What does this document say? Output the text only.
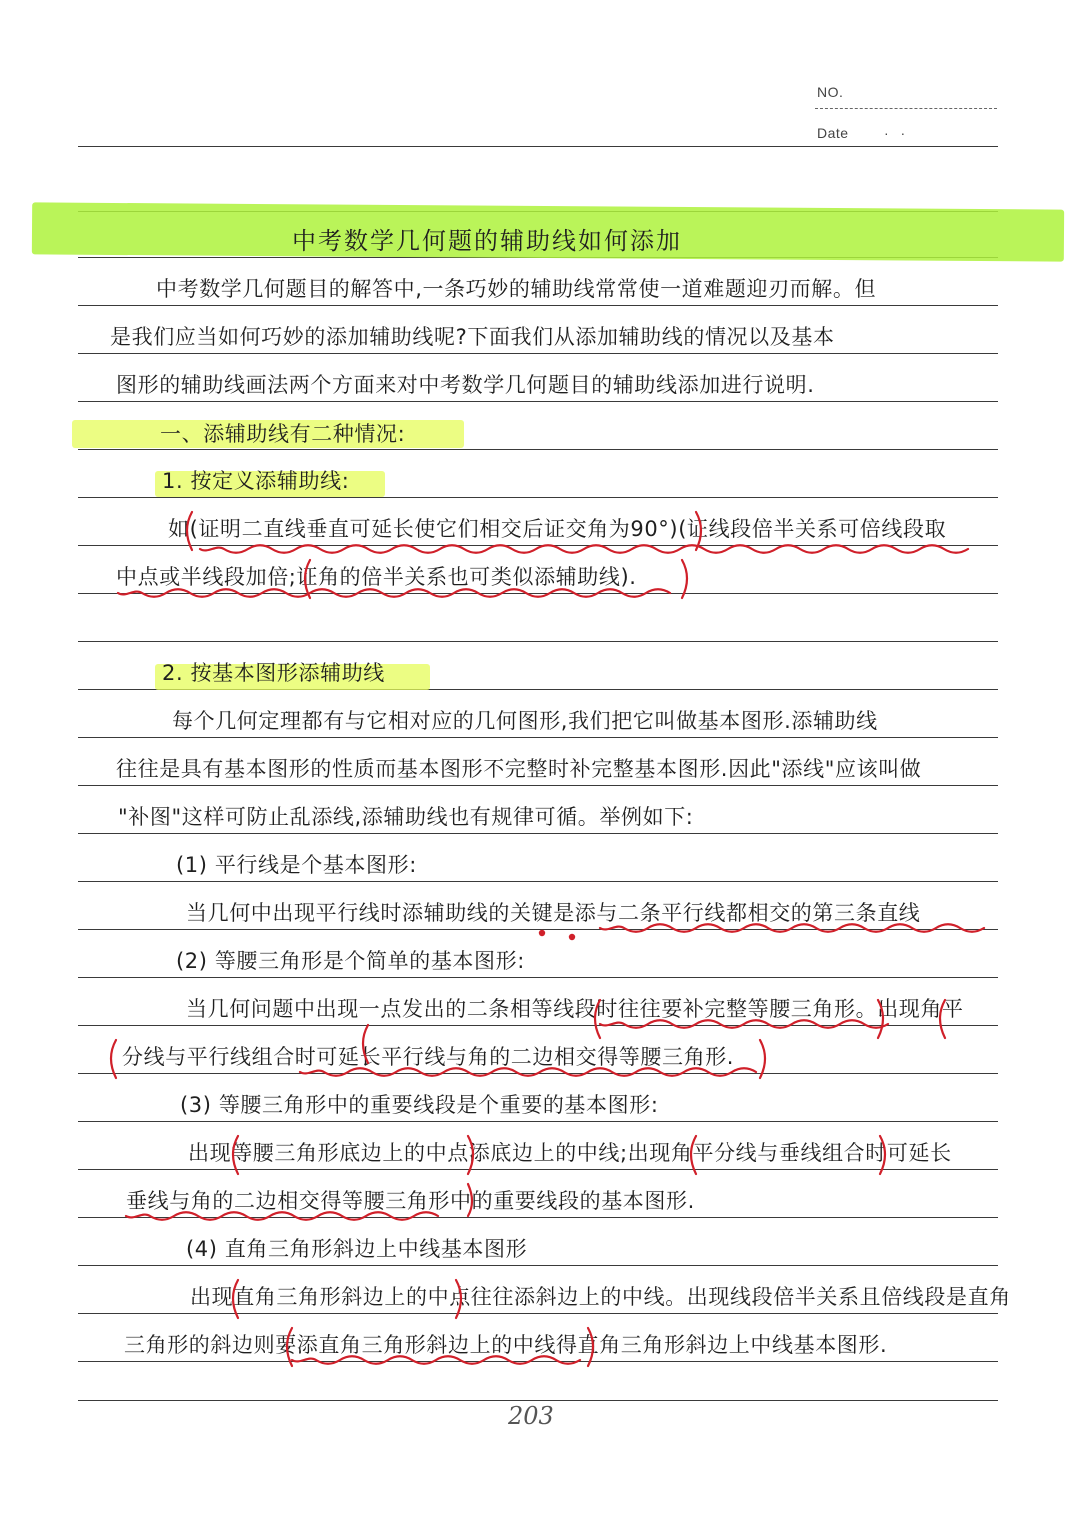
NO.
Date	· ·
中考数学几何题的辅助线如何添加
中考数学几何题目的解答中,一条巧妙的辅助线常常使一道难题迎刃而解。但
是我们应当如何巧妙的添加辅助线呢?下面我们从添加辅助线的情况以及基本
图形的辅助线画法两个方面来对中考数学几何题目的辅助线添加进行说明.
一、添辅助线有二种情况:
1. 按定义添辅助线:
如(证明二直线垂直可延长使它们相交后证交角为90°)(证线段倍半关系可倍线段取
中点或半线段加倍;证角的倍半关系也可类似添辅助线).
2. 按基本图形添辅助线
每个几何定理都有与它相对应的几何图形,我们把它叫做基本图形.添辅助线
往往是具有基本图形的性质而基本图形不完整时补完整基本图形.因此"添线"应该叫做
"补图"这样可防止乱添线,添辅助线也有规律可循。举例如下:
(1) 平行线是个基本图形:
当几何中出现平行线时添辅助线的关键是添与二条平行线都相交的第三条直线
(2) 等腰三角形是个简单的基本图形:
当几何问题中出现一点发出的二条相等线段时往往要补完整等腰三角形。出现角平
分线与平行线组合时可延长平行线与角的二边相交得等腰三角形.
(3) 等腰三角形中的重要线段是个重要的基本图形:
出现等腰三角形底边上的中点添底边上的中线;出现角平分线与垂线组合时可延长
垂线与角的二边相交得等腰三角形中的重要线段的基本图形.
(4) 直角三角形斜边上中线基本图形
出现直角三角形斜边上的中点往往添斜边上的中线。出现线段倍半关系且倍线段是直角
三角形的斜边则要添直角三角形斜边上的中线得直角三角形斜边上中线基本图形.
203
